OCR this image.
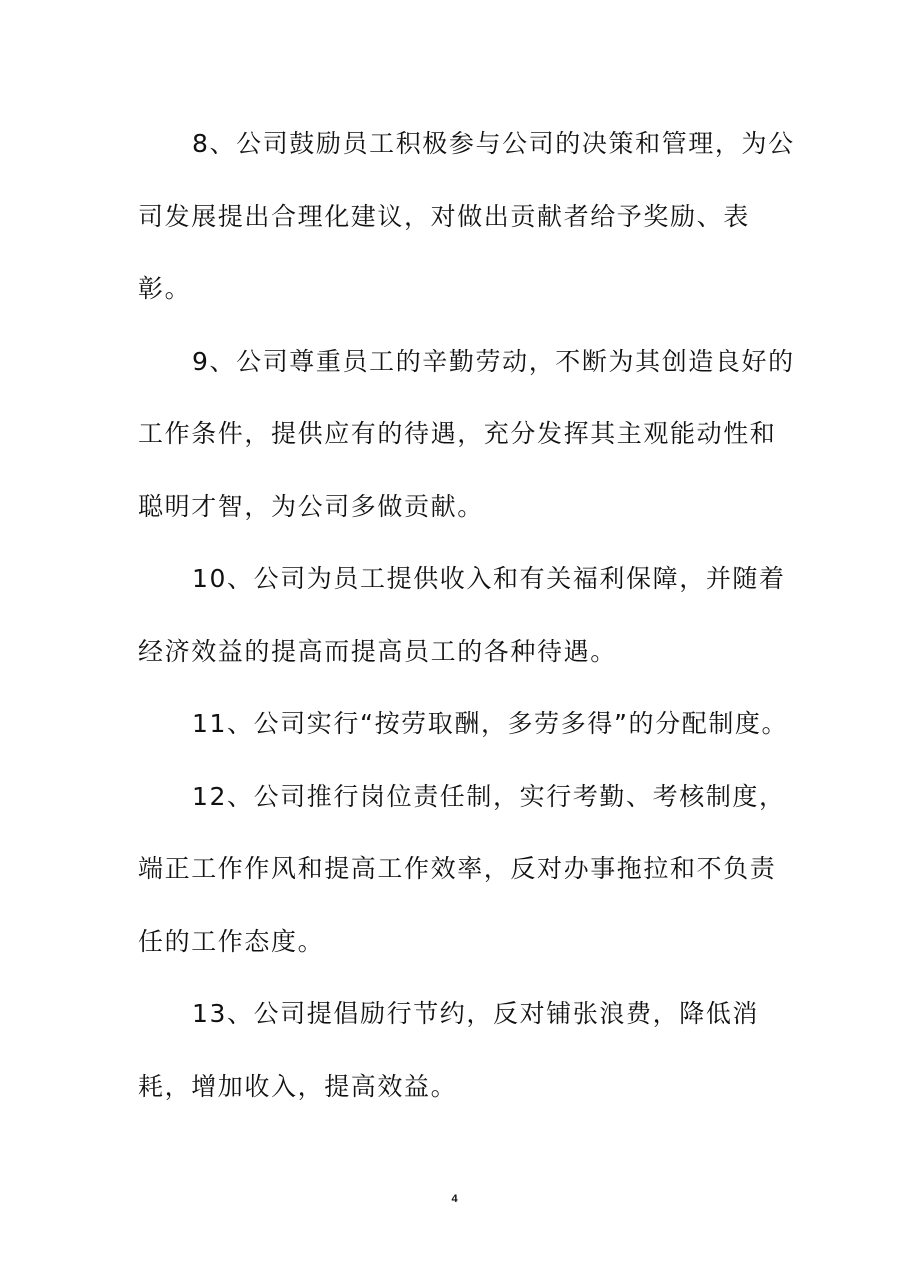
8、公司鼓励员工积极参与公司的决策和管理，为公司发展提出合理化建议，对做出贡献者给予奖励、表彰。

9、公司尊重员工的辛勤劳动，不断为其创造良好的工作条件，提供应有的待遇，充分发挥其主观能动性和聪明才智，为公司多做贡献。

10、公司为员工提供收入和有关福利保障，并随着经济效益的提高而提高员工的各种待遇。

11、公司实行“按劳取酬，多劳多得”的分配制度。

12、公司推行岗位责任制，实行考勤、考核制度，端正工作作风和提高工作效率，反对办事拖拉和不负责任的工作态度。

13、公司提倡励行节约，反对铺张浪费，降低消耗，增加收入，提高效益。

4
